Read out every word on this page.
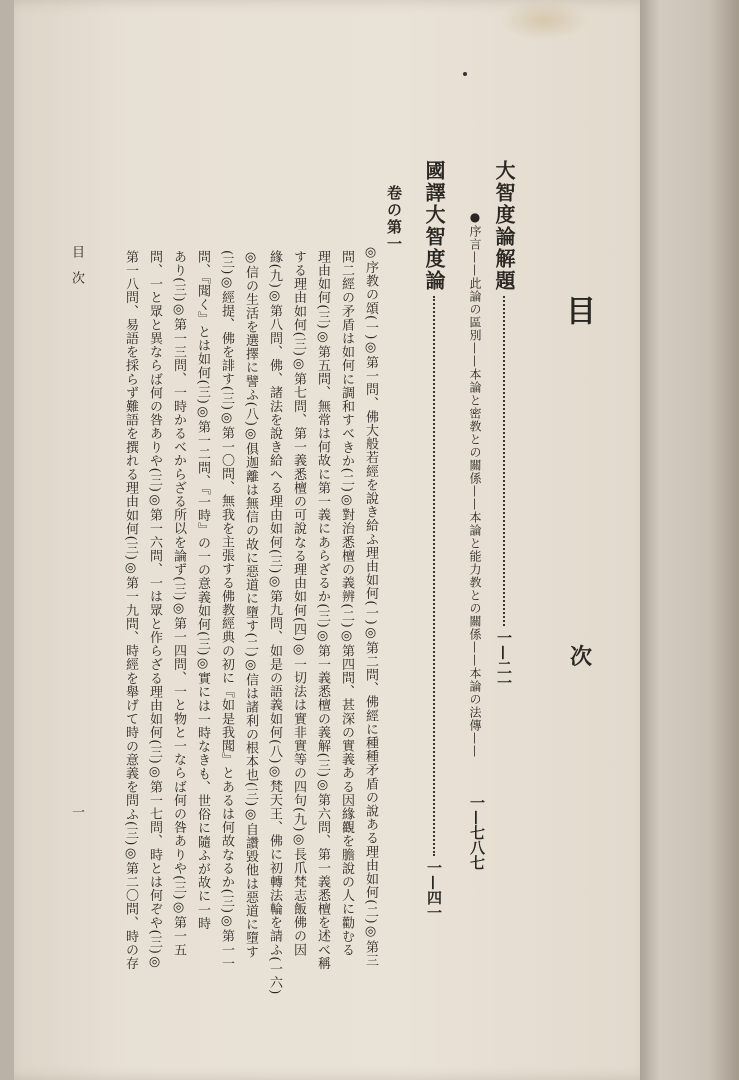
目
次
大智度論解題一—二一
●序言——此論の區別——本論と密教との關係——本論と能力教との關係——本論の法傳——
一—七八七
國譯大智度論一—四一
卷の第一
◎序教の頌(一)◎第一問、佛大般若經を說き給ふ理由如何(一)◎第二問、佛經に種種矛盾の說ある理由如何(二)◎第三
問二經の矛盾は如何に調和すべきか(二)◎對治悉檀の義辨(二)◎第四問、甚深の實義ある因緣觀を膽說の人に勸むる
理由如何(三)◎第五問、無常は何故に第一義にあらざるか(三)◎第一義悉檀の義解(三)◎第六問、第一義悉檀を述べ稱
する理由如何(三)◎第七問、第一義悉檀の可說なる理由如何(四)◎一切法は實非實等の四句(九)◎長爪梵志飯佛の因
緣(九)◎第八問、佛、諸法を說き給へる理由如何(三)◎第九問、如是の語義如何(八)◎梵天王、佛に初轉法輪を請ふ(一六)
◎信の生活を選擇に譬ふ(八)◎俱迦離は無信の故に惡道に墮す(二)◎信は諸利の根本也(三)◎自讚毀他は惡道に墮す
(三)◎經提、佛を誹す(三)◎第一〇問、無我を主張する佛教經典の初に『如是我聞』とあるは何故なるか(三)◎第一一
問、『聞く』とは如何(三)◎第一二問、『一時』の一の意義如何(三)◎實には一時なきも、世俗に隨ふが故に一時
あり(三)◎第一三問、一時かるべからざる所以を論ず(三)◎第一四問、一と物と一ならば何の咎ありや(三)◎第一五
問、一と眾と異ならば何の咎ありや(三)◎第一六問、一は眾と作らざる理由如何(三)◎第一七問、時とは何ぞや(三)◎
第一八問、易語を採らず難語を撰れる理由如何(三)◎第一九問、時經を舉げて時の意義を問ふ(三)◎第二〇問、時の存
目　次
一
